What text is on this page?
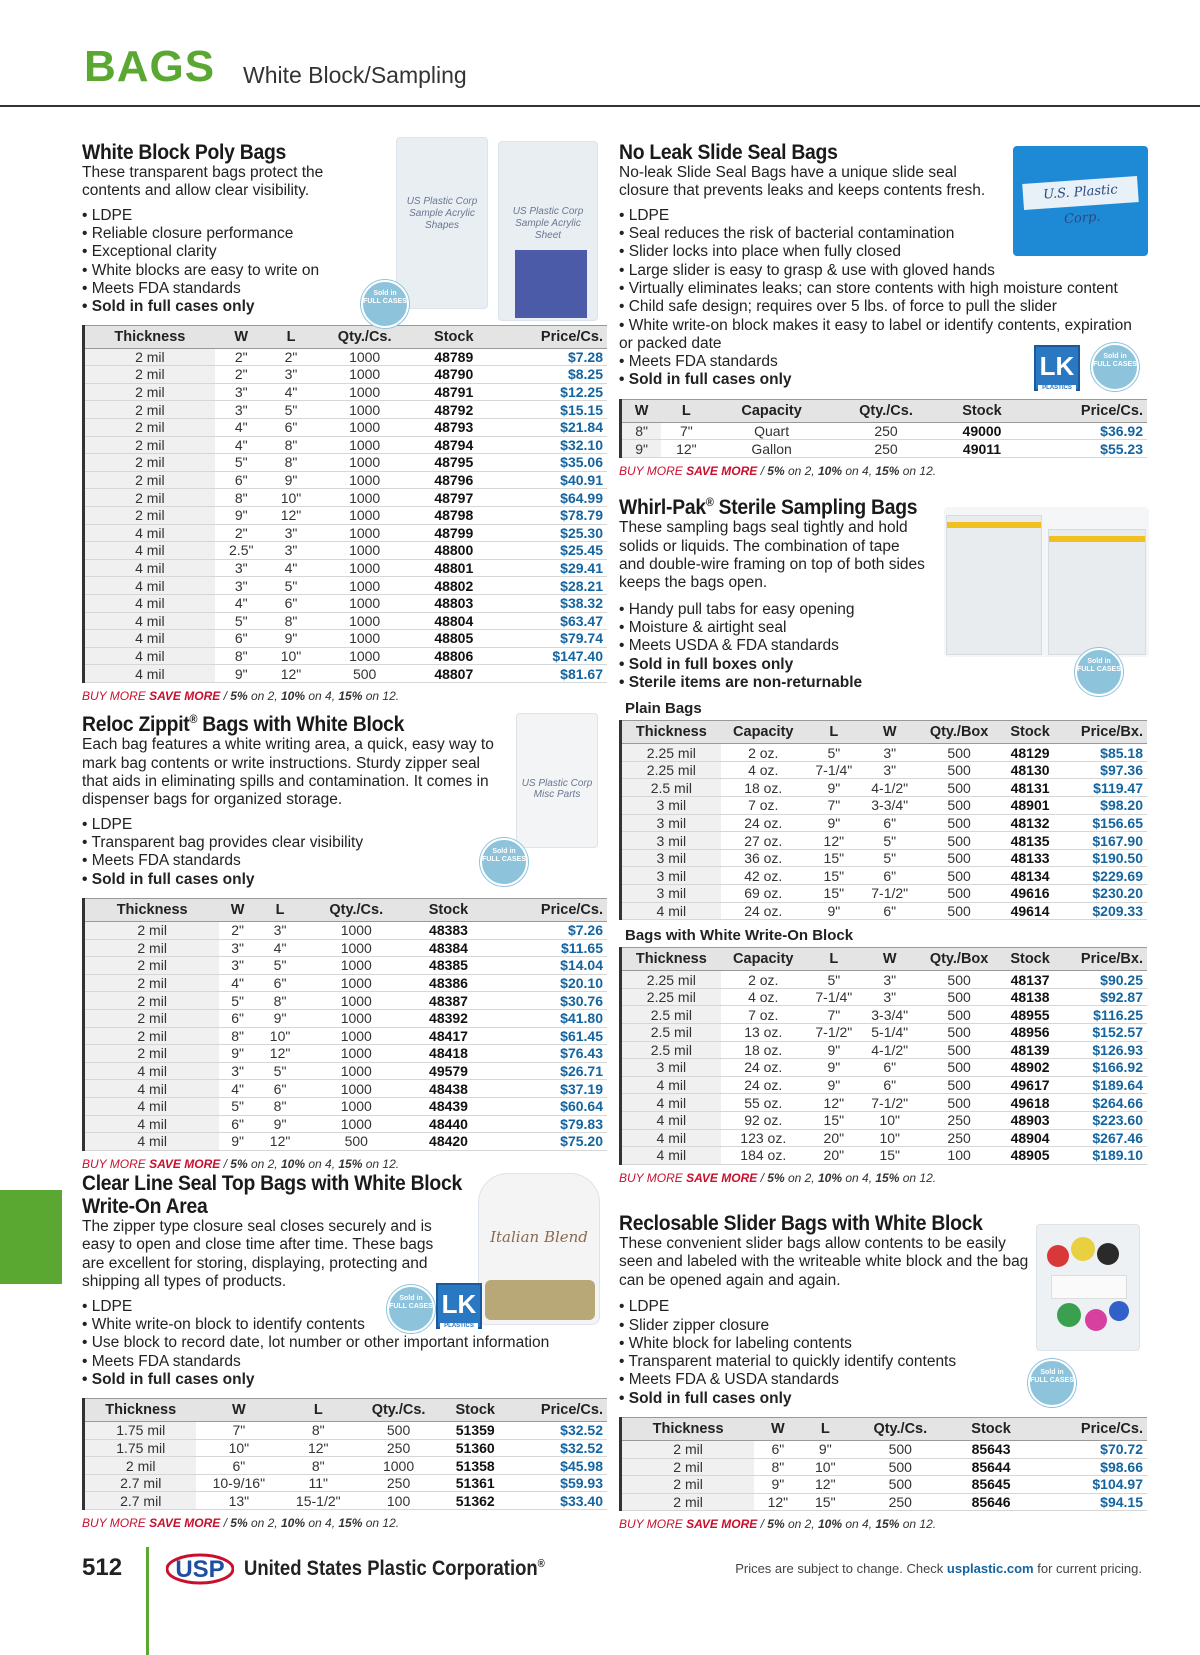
BAGS White Block/Sampling
White Block Poly Bags
These transparent bags protect the contents and allow clear visibility.
• LDPE
• Reliable closure performance
• Exceptional clarity
• White blocks are easy to write on
• Meets FDA standards
• Sold in full cases only
Thickness	W	L	Qty./Cs.	Stock	Price/Cs.
2 mil	2"	2"	1000	48789	$7.28
2 mil	2"	3"	1000	48790	$8.25
2 mil	3"	4"	1000	48791	$12.25
2 mil	3"	5"	1000	48792	$15.15
2 mil	4"	6"	1000	48793	$21.84
2 mil	4"	8"	1000	48794	$32.10
2 mil	5"	8"	1000	48795	$35.06
2 mil	6"	9"	1000	48796	$40.91
2 mil	8"	10"	1000	48797	$64.99
2 mil	9"	12"	1000	48798	$78.79
4 mil	2"	3"	1000	48799	$25.30
4 mil	2.5"	3"	1000	48800	$25.45
4 mil	3"	4"	1000	48801	$29.41
4 mil	3"	5"	1000	48802	$28.21
4 mil	4"	6"	1000	48803	$38.32
4 mil	5"	8"	1000	48804	$63.47
4 mil	6"	9"	1000	48805	$79.74
4 mil	8"	10"	1000	48806	$147.40
4 mil	9"	12"	500	48807	$81.67
BUY MORE SAVE MORE / 5% on 2, 10% on 4, 15% on 12.
US Plastic Corp Sample Acrylic Shapes
US Plastic Corp Sample Acrylic Sheet
Sold in
FULL CASES
Reloc Zippit® Bags with White Block
Each bag features a white writing area, a quick, easy way to mark bag contents or write instructions. Sturdy zipper seal that aids in eliminating spills and contamination. It comes in dispenser bags for organized storage.
• LDPE
• Transparent bag provides clear visibility
• Meets FDA standards
• Sold in full cases only
Thickness	W	L	Qty./Cs.	Stock	Price/Cs.
2 mil	2"	3"	1000	48383	$7.26
2 mil	3"	4"	1000	48384	$11.65
2 mil	3"	5"	1000	48385	$14.04
2 mil	4"	6"	1000	48386	$20.10
2 mil	5"	8"	1000	48387	$30.76
2 mil	6"	9"	1000	48392	$41.80
2 mil	8"	10"	1000	48417	$61.45
2 mil	9"	12"	1000	48418	$76.43
4 mil	3"	5"	1000	49579	$26.71
4 mil	4"	6"	1000	48438	$37.19
4 mil	5"	8"	1000	48439	$60.64
4 mil	6"	9"	1000	48440	$79.83
4 mil	9"	12"	500	48420	$75.20
BUY MORE SAVE MORE / 5% on 2, 10% on 4, 15% on 12.
US Plastic Corp Misc Parts
Sold in
FULL CASES
Clear Line Seal Top Bags with White Block
Write-On Area
The zipper type closure seal closes securely and is easy to open and close time after time. These bags are excellent for storing, displaying, protecting and shipping all types of products.
• LDPE
• White write-on block to identify contents
• Use block to record date, lot number or other important information
• Meets FDA standards
• Sold in full cases only
Thickness	W	L	Qty./Cs.	Stock	Price/Cs.
1.75 mil	7"	8"	500	51359	$32.52
1.75 mil	10"	12"	250	51360	$32.52
2 mil	6"	8"	1000	51358	$45.98
2.7 mil	10-9/16"	11"	250	51361	$59.93
2.7 mil	13"	15-1/2"	100	51362	$33.40
BUY MORE SAVE MORE / 5% on 2, 10% on 4, 15% on 12.
Italian Blend
Sold in
FULL CASES LK
PLASTICS
No Leak Slide Seal Bags
No-leak Slide Seal Bags have a unique slide seal closure that prevents leaks and keeps contents fresh.
• LDPE
• Seal reduces the risk of bacterial contamination
• Slider locks into place when fully closed
• Large slider is easy to grasp & use with gloved hands
• Virtually eliminates leaks; can store contents with high moisture content
• Child safe design; requires over 5 lbs. of force to pull the slider
• White write-on block makes it easy to label or identify contents, expiration or packed date
• Meets FDA standards
• Sold in full cases only
W	L	Capacity	Qty./Cs.	Stock	Price/Cs.
8"	7"	Quart	250	49000	$36.92
9"	12"	Gallon	250	49011	$55.23
BUY MORE SAVE MORE / 5% on 2, 10% on 4, 15% on 12.
U.S. Plastic Corp.
LK
PLASTICS
Sold in
FULL CASES
Whirl-Pak® Sterile Sampling Bags
These sampling bags seal tightly and hold solids or liquids. The combination of tape and double-wire framing on top of both sides keeps the bags open.
• Handy pull tabs for easy opening
• Moisture & airtight seal
• Meets USDA & FDA standards
• Sold in full boxes only
• Sterile items are non-returnable
Plain Bags
Thickness	Capacity	L	W	Qty./Box	Stock	Price/Bx.
2.25 mil	2 oz.	5"	3"	500	48129	$85.18
2.25 mil	4 oz.	7-1/4"	3"	500	48130	$97.36
2.5 mil	18 oz.	9"	4-1/2"	500	48131	$119.47
3 mil	7 oz.	7"	3-3/4"	500	48901	$98.20
3 mil	24 oz.	9"	6"	500	48132	$156.65
3 mil	27 oz.	12"	5"	500	48135	$167.90
3 mil	36 oz.	15"	5"	500	48133	$190.50
3 mil	42 oz.	15"	6"	500	48134	$229.69
3 mil	69 oz.	15"	7-1/2"	500	49616	$230.20
4 mil	24 oz.	9"	6"	500	49614	$209.33
Bags with White Write-On Block
Thickness	Capacity	L	W	Qty./Box	Stock	Price/Bx.
2.25 mil	2 oz.	5"	3"	500	48137	$90.25
2.25 mil	4 oz.	7-1/4"	3"	500	48138	$92.87
2.5 mil	7 oz.	7"	3-3/4"	500	48955	$116.25
2.5 mil	13 oz.	7-1/2"	5-1/4"	500	48956	$152.57
2.5 mil	18 oz.	9"	4-1/2"	500	48139	$126.93
3 mil	24 oz.	9"	6"	500	48902	$166.92
4 mil	24 oz.	9"	6"	500	49617	$189.64
4 mil	55 oz.	12"	7-1/2"	500	49618	$264.66
4 mil	92 oz.	15"	10"	250	48903	$223.60
4 mil	123 oz.	20"	10"	250	48904	$267.46
4 mil	184 oz.	20"	15"	100	48905	$189.10
BUY MORE SAVE MORE / 5% on 2, 10% on 4, 15% on 12.
Sold in
FULL CASES
Reclosable Slider Bags with White Block
These convenient slider bags allow contents to be easily seen and labeled with the writeable white block and the bag can be opened again and again.
• LDPE
• Slider zipper closure
• White block for labeling contents
• Transparent material to quickly identify contents
• Meets FDA & USDA standards
• Sold in full cases only
Thickness	W	L	Qty./Cs.	Stock	Price/Cs.
2 mil	6"	9"	500	85643	$70.72
2 mil	8"	10"	500	85644	$98.66
2 mil	9"	12"	500	85645	$104.97
2 mil	12"	15"	250	85646	$94.15
BUY MORE SAVE MORE / 5% on 2, 10% on 4, 15% on 12.
Sold in
FULL CASES
512 USP United States Plastic Corporation®	Prices are subject to change. Check usplastic.com for current pricing.
